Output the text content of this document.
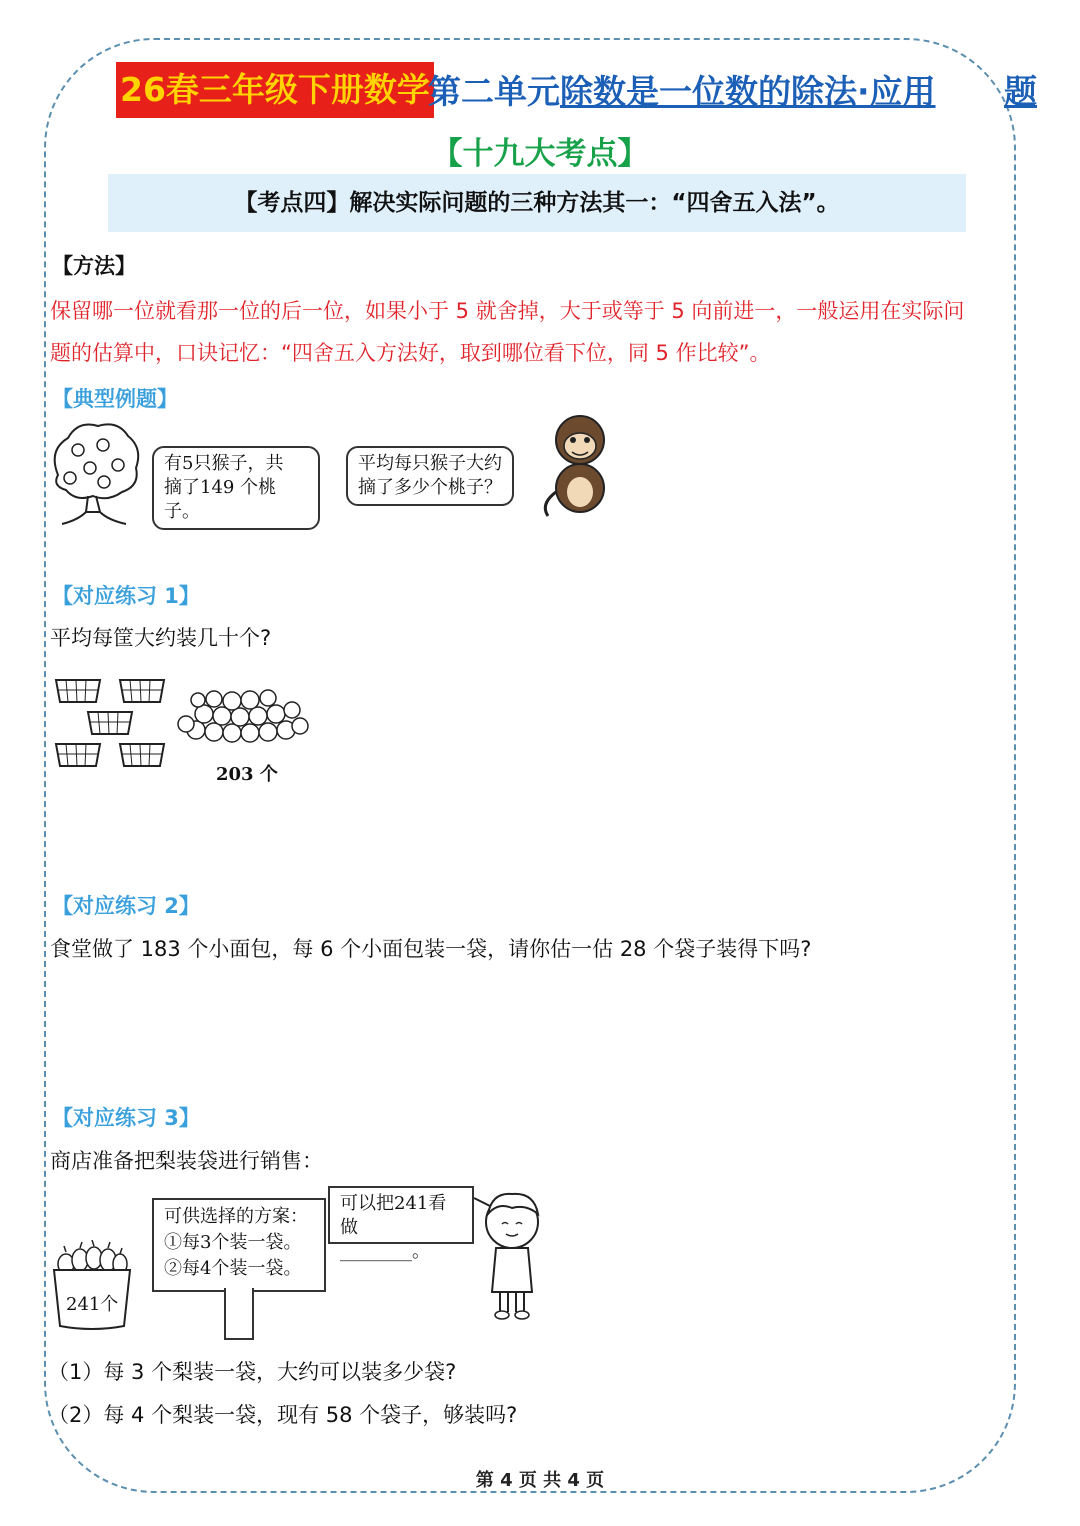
26春三年级下册数学
第二单元除数是一位数的除法·应用 题
【十九大考点】
【考点四】解决实际问题的三种方法其一：“四舍五入法”。
【方法】
保留哪一位就看那一位的后一位，如果小于 5 就舍掉，大于或等于 5 向前进一，一般运用在实际问
题的估算中，口诀记忆：“四舍五入方法好，取到哪位看下位，同 5 作比较”。
【典型例题】
有5只猴子，共
摘了149 个桃子。
平均每只猴子大约
摘了多少个桃子？
【对应练习 1】
平均每筐大约装几十个?
203 个
【对应练习 2】
食堂做了 183 个小面包，每 6 个小面包装一袋，请你估一估 28 个袋子装得下吗?
【对应练习 3】
商店准备把梨装袋进行销售：
241个
可供选择的方案：
①每3个装一袋。
②每4个装一袋。
可以把241看做
________。
（1）每 3 个梨装一袋，大约可以装多少袋?
（2）每 4 个梨装一袋，现有 58 个袋子，够装吗?
第 4 页 共 4 页
